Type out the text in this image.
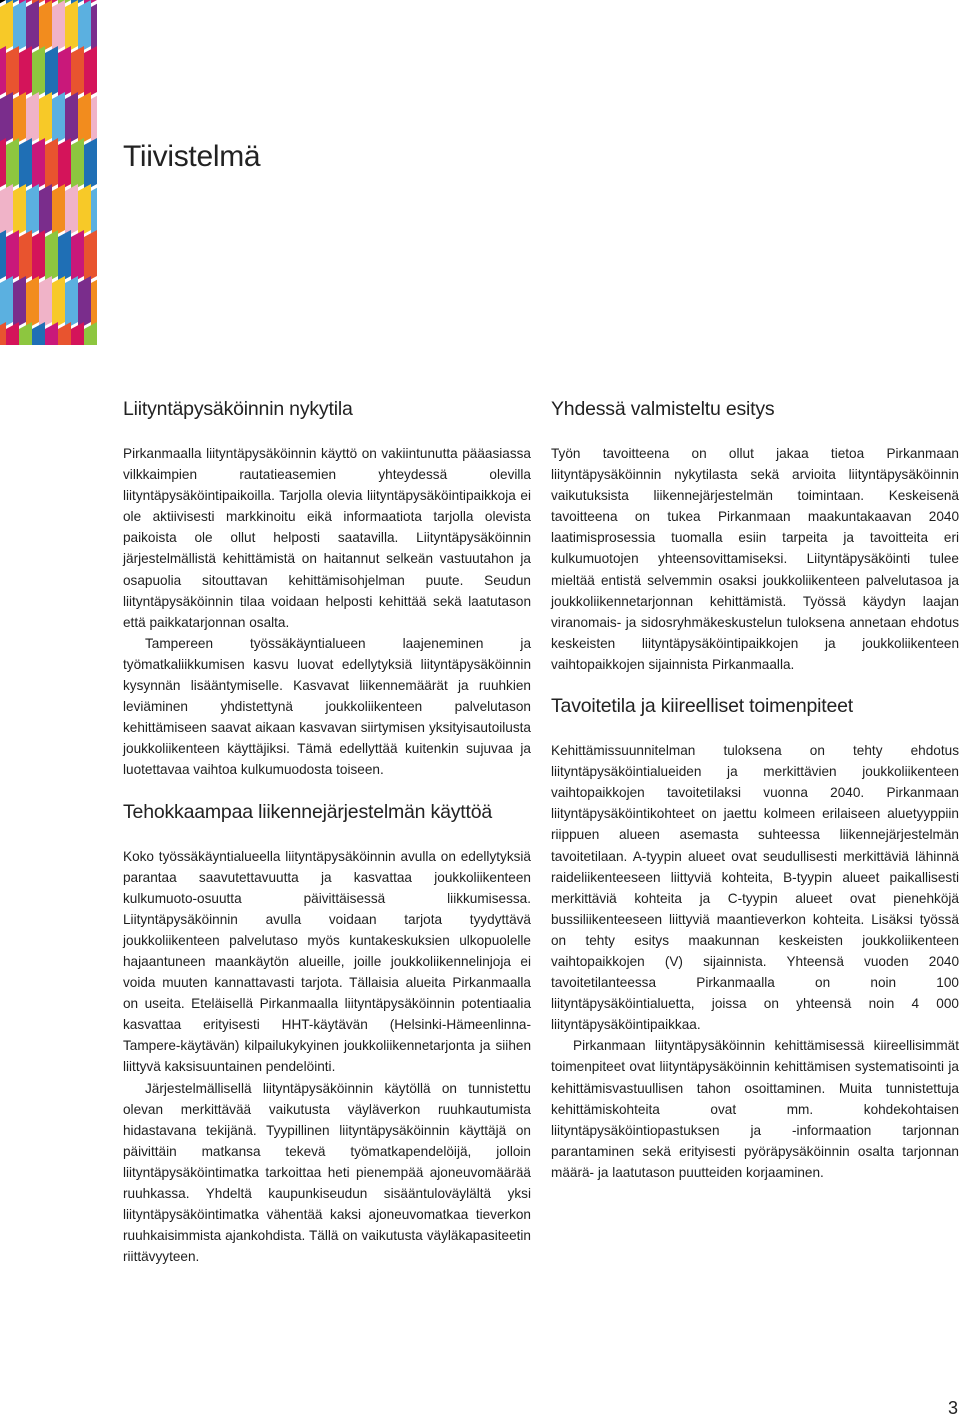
Tiivistelmä
Liityntäpysäköinnin nykytila

Pirkanmaalla liityntäpysäköinnin käyttö on vakiintunutta pääasiassa vilkkaimpien rautatieasemien yhteydessä olevilla liityntäpysäköintipaikoilla. Tarjolla olevia liityntäpysäköintipaikkoja ei ole aktiivisesti markkinoitu eikä informaatiota tarjolla olevista paikoista ole ollut helposti saatavilla. Liityntäpysäköinnin järjestelmällistä kehittämistä on haitannut selkeän vastuutahon ja osapuolia sitouttavan kehittämisohjelman puute. Seudun liityntäpysäköinnin tilaa voidaan helposti kehittää sekä laatutason että paikkatarjonnan osalta.

Tampereen työssäkäyntialueen laajeneminen ja työmatkaliikkumisen kasvu luovat edellytyksiä liityntäpysäköinnin kysynnän lisääntymiselle. Kasvavat liikennemäärät ja ruuhkien leviäminen yhdistettynä joukkoliikenteen palvelutason kehittämiseen saavat aikaan kasvavan siirtymisen yksityisautoilusta joukkoliikenteen käyttäjiksi. Tämä edellyttää kuitenkin sujuvaa ja luotettavaa vaihtoa kulkumuodosta toiseen.

Tehokkaampaa liikennejärjestelmän käyttöä

Koko työssäkäyntialueella liityntäpysäköinnin avulla on edellytyksiä parantaa saavutettavuutta ja kasvattaa joukkoliikenteen kulkumuoto-osuutta päivittäisessä liikkumisessa. Liityntäpysäköinnin avulla voidaan tarjota tyydyttävä joukkoliikenteen palvelutaso myös kuntakeskuksien ulkopuolelle hajaantuneen maankäytön alueille, joille joukkoliikennelinjoja ei voida muuten kannattavasti tarjota. Tällaisia alueita Pirkanmaalla on useita. Eteläisellä Pirkanmaalla liityntäpysäköinnin potentiaalia kasvattaa erityisesti HHT-käytävän (Helsinki-Hämeenlinna-Tampere-käytävän) kilpailukykyinen joukkoliikennetarjonta ja siihen liittyvä kaksisuuntainen pendelöinti.

Järjestelmällisellä liityntäpysäköinnin käytöllä on tunnistettu olevan merkittävää vaikutusta väyläverkon ruuhkautumista hidastavana tekijänä. Tyypillinen liityntäpysäköinnin käyttäjä on päivittäin matkansa tekevä työmatkapendelöijä, jolloin liityntäpysäköintimatka tarkoittaa heti pienempää ajoneuvomäärää ruuhkassa. Yhdeltä kaupunkiseudun sisääntuloväylältä yksi liityntäpysäköintimatka vähentää kaksi ajoneuvomatkaa tieverkon ruuhkaisimmista ajankohdista. Tällä on vaikutusta väyläkapasiteetin riittävyyteen.

Yhdessä valmisteltu esitys

Työn tavoitteena on ollut jakaa tietoa Pirkanmaan liityntäpysäköinnin nykytilasta sekä arvioita liityntäpysäköinnin vaikutuksista liikennejärjestelmän toimintaan. Keskeisenä tavoitteena on tukea Pirkanmaan maakuntakaavan 2040 laatimisprosessia tuomalla esiin tarpeita ja tavoitteita eri kulkumuotojen yhteensovittamiseksi. Liityntäpysäköinti tulee mieltää entistä selvemmin osaksi joukkoliikenteen palvelutasoa ja joukkoliikennetarjonnan kehittämistä. Työssä käydyn laajan viranomais- ja sidosryhmäkeskustelun tuloksena annetaan ehdotus keskeisten liityntäpysäköintipaikkojen ja joukkoliikenteen vaihtopaikkojen sijainnista Pirkanmaalla.

Tavoitetila ja kiireelliset toimenpiteet

Kehittämissuunnitelman tuloksena on tehty ehdotus liityntäpysäköintialueiden ja merkittävien joukkoliikenteen vaihtopaikkojen tavoitetilaksi vuonna 2040. Pirkanmaan liityntäpysäköintikohteet on jaettu kolmeen erilaiseen aluetyyppiin riippuen alueen asemasta suhteessa liikennejärjestelmän tavoitetilaan. A-tyypin alueet ovat seudullisesti merkittäviä lähinnä raideliikenteeseen liittyviä kohteita, B-tyypin alueet paikallisesti merkittäviä kohteita ja C-tyypin alueet ovat pienehköjä bussiliikenteeseen liittyviä maantieverkon kohteita. Lisäksi työssä on tehty esitys maakunnan keskeisten joukkoliikenteen vaihtopaikkojen (V) sijainnista. Yhteensä vuoden 2040 tavoitetilanteessa Pirkanmaalla on noin 100 liityntäpysäköintialuetta, joissa on yhteensä noin 4 000 liityntäpysäköintipaikkaa.

Pirkanmaan liityntäpysäköinnin kehittämisessä kiireellisimmät toimenpiteet ovat liityntäpysäköinnin kehittämisen systematisointi ja kehittämisvastuullisen tahon osoittaminen. Muita tunnistettuja kehittämiskohteita ovat mm. kohdekohtaisen liityntäpysäköintiopastuksen ja -informaation tarjonnan parantaminen sekä erityisesti pyöräpysäköinnin osalta tarjonnan määrä- ja laatutason puutteiden korjaaminen.

3
